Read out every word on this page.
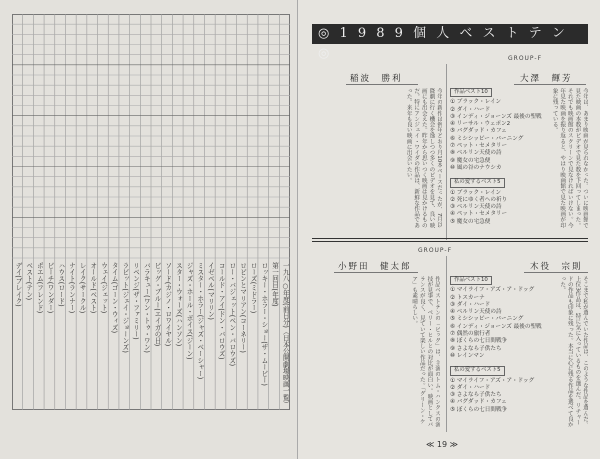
一九八○年度(前日分)（日本公開劇場映画一覧）
第一回目(年度)
ロッキー・ホラー・ショー(ザ・ムービー)
ローズ(ミドラー)
ロビンとマリアン(コーネリー)
ロー・バジェット(ベン・バロウズ)
コールド・アイ(ドン・バロウズ)
イゼベル(マリリン)
ミスター・ホラー(ジャズ・ベーシャー)
ジャズ・ホール・ボイス(ジーン)
スター・ウォーズ(ハンソン)
ソード(カジノ・ロワイヤル)
ビッグ・ブルー(エイガの日)
バラキュー(ワン・トゥ・ワン)
リベンジ(ザ・ファミリー)
ラビット(ジェイ・ジョーンズ)
タイム(ゴーン・ウィズ)
ウェイ(ジェット)
オールド(ベスト)
レイク(サークル)
ナイト(ランナー)
ハウス(ロード)
ビーチ(ワンダー)
ポエム(フレンド)
ベスト(テン)
デイ(ブレイク)
◎ 1 9 8 9 個 人 ベ ス ト テ ン ◎	GROUP-F
稲波　勝利
今年の新作は例年どおり月10本ペースだったが、7月以降劇に行く機会を逸しつつ多くのビデオを見て、良い映画にも出会えた。昨年から思いつく映画は見かけるものだ。特にアンジェイ・ワイダの作品は、新鮮な作品であった。来年も良い映画に出会いたい。	作品ベスト10
① ブラック・レイン
② ダイ・ハード
③ インディ・ジョーンズ 最後の聖戦
④ リーサル・ウェポン2
⑤ バグダッド・カフェ
⑥ ミシシッピー・バーニング
⑦ ペット・セメタリー
⑧ ベルリン天使の詩
⑨ 魔女の宅急便
⑩ 風の谷のナウシカ
私の愛するベスト5
① ブラック・レイン
② 死にゆく者への祈り
③ ベルリン天使の詩
④ ペット・セメタリー
⑤ 魔女の宅急便
大澤　輝芳
今年は、あまり映画が見られなかった。ついに映画館で見た映画の本数がビデオで見た数を下回ってしまった。それでも映画館のスクリーンで見なければいけない。今年見た映画を振り返ると、やはり映画館で見た映画が印象に残っている。
GROUP-F
小野田　健太郎
作品ベストテンの「ビッグ」は、主演のトム・ハンクスの演技が見事で、ペリー・ヒルとの対比が面白い。映画としてバランスが良く、見ていて楽しい作品だった。「グリーン・ケア」も素晴らしい。	作品ベスト10
① マイライフ・アズ・ア・ドッグ
② トスカーナ
③ ダイ・ハード
④ ベルリン天使の詩
⑤ ミシシッピー・バーニング
⑥ インディ・ジョーンズ 最後の聖戦
⑦ 偶然の旅行者
⑧ ぼくらの七日間戦争
⑨ さよなら子供たち
⑩ レインマン
私の愛するベスト5
① マイライフ・アズ・ア・ドッグ
② ダイ・ハード
③ さよなら子供たち
④ バグダッド・カフェ
⑤ ぼくらの七日間戦争
木役　宗則
そこまで私が選んでいた作品は、このような作品を選んだ。上位3作品は、特に気に入っているものを選んだ。リチャードの作品も印象に残った。本当に心に残る作品を選べて良かった。
≪ 19 ≫
